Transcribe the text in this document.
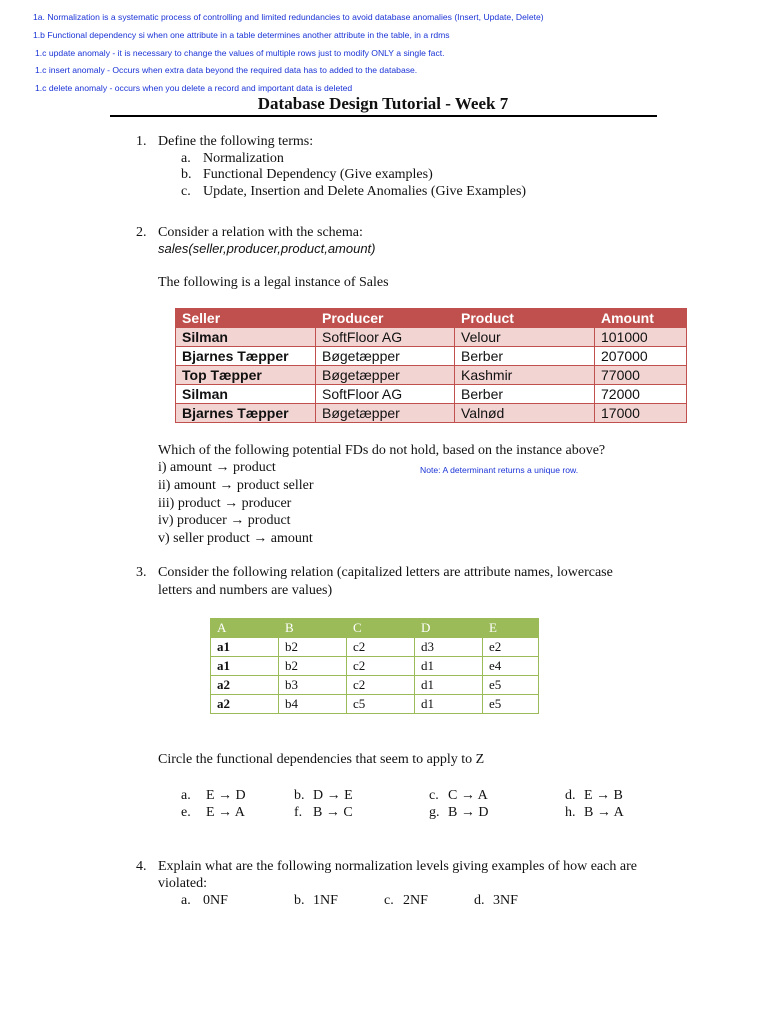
1a. Normalization is a systematic process of controlling and limited redundancies to avoid database anomalies (Insert, Update, Delete)
1.b Functional dependency si when one attribute in a table determines another attribute in the table, in a rdms
1.c update anomaly - it is necessary to change the values of multiple rows just to modify ONLY a single fact.
1.c insert anomaly - Occurs when extra data beyond the required data has to added to the database.
1.c delete anomaly - occurs when you delete a record and important data is deleted
Database Design Tutorial - Week 7
1. Define the following terms:
a. Normalization
b. Functional Dependency (Give examples)
c. Update, Insertion and Delete Anomalies (Give Examples)
2. Consider a relation with the schema:
sales(seller,producer,product,amount)
The following is a legal instance of Sales
Seller	Producer	Product	Amount
Silman	SoftFloor AG	Velour	101000
Bjarnes Tæpper	Bøgetæpper	Berber	207000
Top Tæpper	Bøgetæpper	Kashmir	77000
Silman	SoftFloor AG	Berber	72000
Bjarnes Tæpper	Bøgetæpper	Valnød	17000
Which of the following potential FDs do not hold, based on the instance above?
i) amount → product	Note: A determinant returns a unique row.
ii) amount → product seller
iii) product → producer
iv) producer → product
v) seller product → amount
3. Consider the following relation (capitalized letters are attribute names, lowercase
letters and numbers are values)
A	B	C	D	E
a1	b2	c2	d3	e2
a1	b2	c2	d1	e4
a2	b3	c2	d1	e5
a2	b4	c5	d1	e5
Circle the functional dependencies that seem to apply to Z
a. E → D	b. D → E	c. C → A	d. E → B
e. E → A	f. B → C	g. B → D	h. B → A
4. Explain what are the following normalization levels giving examples of how each are
violated:
a. 0NF	b. 1NF	c. 2NF	d. 3NF
